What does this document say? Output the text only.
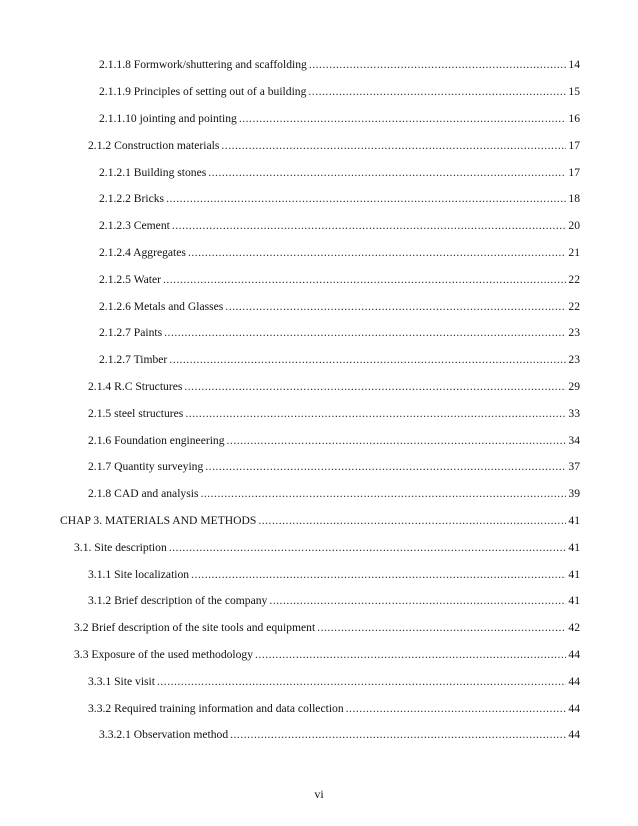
2.1.1.8 Formwork/shuttering and scaffolding .....	14
2.1.1.9 Principles of setting out of a building .....	15
2.1.1.10 jointing and pointing .....	16
2.1.2 Construction materials .....	17
2.1.2.1 Building stones .....	17
2.1.2.2 Bricks .....	18
2.1.2.3 Cement .....	20
2.1.2.4 Aggregates .....	21
2.1.2.5 Water .....	22
2.1.2.6 Metals and Glasses .....	22
2.1.2.7 Paints .....	23
2.1.2.7 Timber .....	23
2.1.4 R.C Structures .....	29
2.1.5 steel structures .....	33
2.1.6 Foundation engineering .....	34
2.1.7 Quantity surveying .....	37
2.1.8 CAD and analysis .....	39
CHAP 3. MATERIALS AND METHODS .....	41
3.1. Site description .....	41
3.1.1 Site localization .....	41
3.1.2 Brief description of the company .....	41
3.2 Brief description of the site tools and equipment .....	42
3.3 Exposure of the used methodology .....	44
3.3.1 Site visit .....	44
3.3.2 Required training information and data collection .....	44
3.3.2.1 Observation method .....	44
vi
